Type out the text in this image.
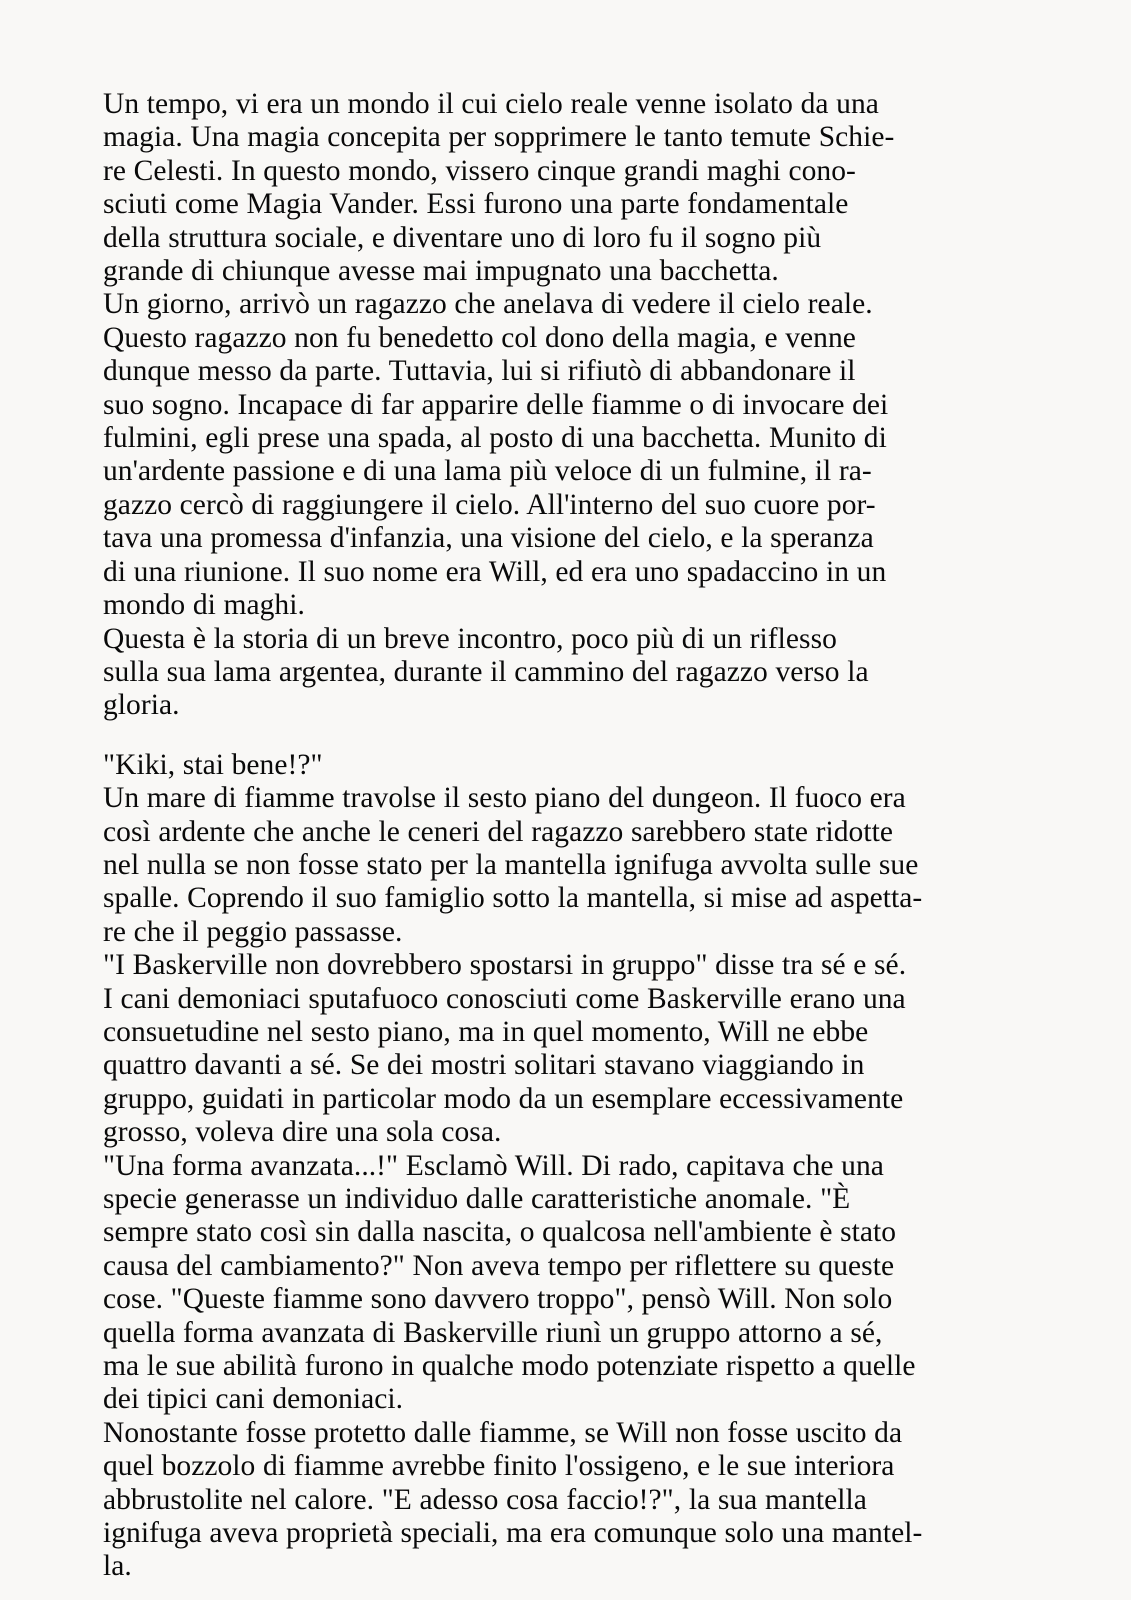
Un tempo, vi era un mondo il cui cielo reale venne isolato da una
magia. Una magia concepita per sopprimere le tanto temute Schie-
re Celesti. In questo mondo, vissero cinque grandi maghi cono-
sciuti come Magia Vander. Essi furono una parte fondamentale
della struttura sociale, e diventare uno di loro fu il sogno più
grande di chiunque avesse mai impugnato una bacchetta.

Un giorno, arrivò un ragazzo che anelava di vedere il cielo reale.
Questo ragazzo non fu benedetto col dono della magia, e venne
dunque messo da parte. Tuttavia, lui si rifiutò di abbandonare il
suo sogno. Incapace di far apparire delle fiamme o di invocare dei
fulmini, egli prese una spada, al posto di una bacchetta. Munito di
un'ardente passione e di una lama più veloce di un fulmine, il ra-
gazzo cercò di raggiungere il cielo. All'interno del suo cuore por-
tava una promessa d'infanzia, una visione del cielo, e la speranza
di una riunione. Il suo nome era Will, ed era uno spadaccino in un
mondo di maghi.

Questa è la storia di un breve incontro, poco più di un riflesso
sulla sua lama argentea, durante il cammino del ragazzo verso la
gloria.

"Kiki, stai bene!?"

Un mare di fiamme travolse il sesto piano del dungeon. Il fuoco era
così ardente che anche le ceneri del ragazzo sarebbero state ridotte
nel nulla se non fosse stato per la mantella ignifuga avvolta sulle sue
spalle. Coprendo il suo famiglio sotto la mantella, si mise ad aspetta-
re che il peggio passasse.

"I Baskerville non dovrebbero spostarsi in gruppo" disse tra sé e sé.
I cani demoniaci sputafuoco conosciuti come Baskerville erano una
consuetudine nel sesto piano, ma in quel momento, Will ne ebbe
quattro davanti a sé. Se dei mostri solitari stavano viaggiando in
gruppo, guidati in particolar modo da un esemplare eccessivamente
grosso, voleva dire una sola cosa.

"Una forma avanzata...!" Esclamò Will. Di rado, capitava che una
specie generasse un individuo dalle caratteristiche anomale. "È
sempre stato così sin dalla nascita, o qualcosa nell'ambiente è stato
causa del cambiamento?" Non aveva tempo per riflettere su queste
cose. "Queste fiamme sono davvero troppo", pensò Will. Non solo
quella forma avanzata di Baskerville riunì un gruppo attorno a sé,
ma le sue abilità furono in qualche modo potenziate rispetto a quelle
dei tipici cani demoniaci.

Nonostante fosse protetto dalle fiamme, se Will non fosse uscito da
quel bozzolo di fiamme avrebbe finito l'ossigeno, e le sue interiora
abbrustolite nel calore. "E adesso cosa faccio!?", la sua mantella
ignifuga aveva proprietà speciali, ma era comunque solo una mantel-
la.
